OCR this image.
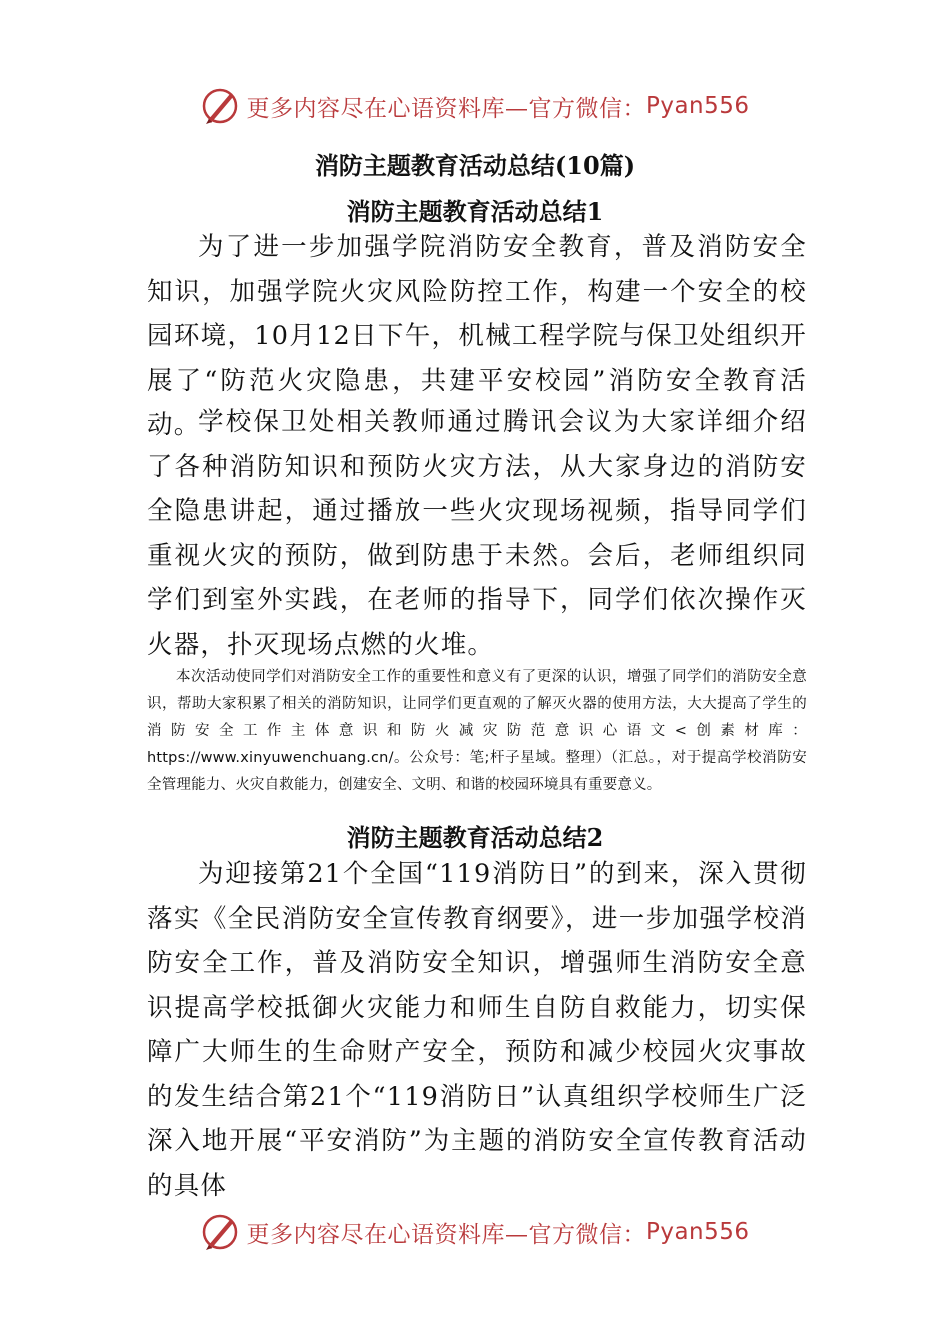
更多内容尽在心语资料库—官方微信： Pyan556
消防主题教育活动总结(10篇)
消防主题教育活动总结1

为了进一步加强学院消防安全教育，普及消防安全知识，加强学院火灾风险防控工作，构建一个安全的校园环境，10月12日下午，机械工程学院与保卫处组织开展了“防范火灾隐患，共建平安校园”消防安全教育活动。

学校保卫处相关教师通过腾讯会议为大家详细介绍了各种消防知识和预防火灾方法，从大家身边的消防安全隐患讲起，通过播放一些火灾现场视频，指导同学们重视火灾的预防，做到防患于未然。会后，老师组织同学们到室外实践，在老师的指导下，同学们依次操作灭火器，扑灭现场点燃的火堆。

本次活动使同学们对消防安全工作的重要性和意义有了更深的认识，增强了同学们的消防安全意识，帮助大家积累了相关的消防知识，让同学们更直观的了解灭火器的使用方法，大大提高了学生的消防安全工作主体意识和防火减灾防范意识心语文<创素材库：https://www.xinyuwenchuang.cn/。公众号：笔;杆子星域。整理）（汇总。，对于提高学校消防安全管理能力、火灾自救能力，创建安全、文明、和谐的校园环境具有重要意义。

消防主题教育活动总结2

为迎接第21个全国“119消防日”的到来，深入贯彻落实《全民消防安全宣传教育纲要》，进一步加强学校消防安全工作，普及消防安全知识，增强师生消防安全意识提高学校抵御火灾能力和师生自防自救能力，切实保障广大师生的生命财产安全，预防和减少校园火灾事故的发生结合第21个“119消防日”认真组织学校师生广泛深入地开展“平安消防”为主题的消防安全宣传教育活动的具体

更多内容尽在心语资料库—官方微信： Pyan556
